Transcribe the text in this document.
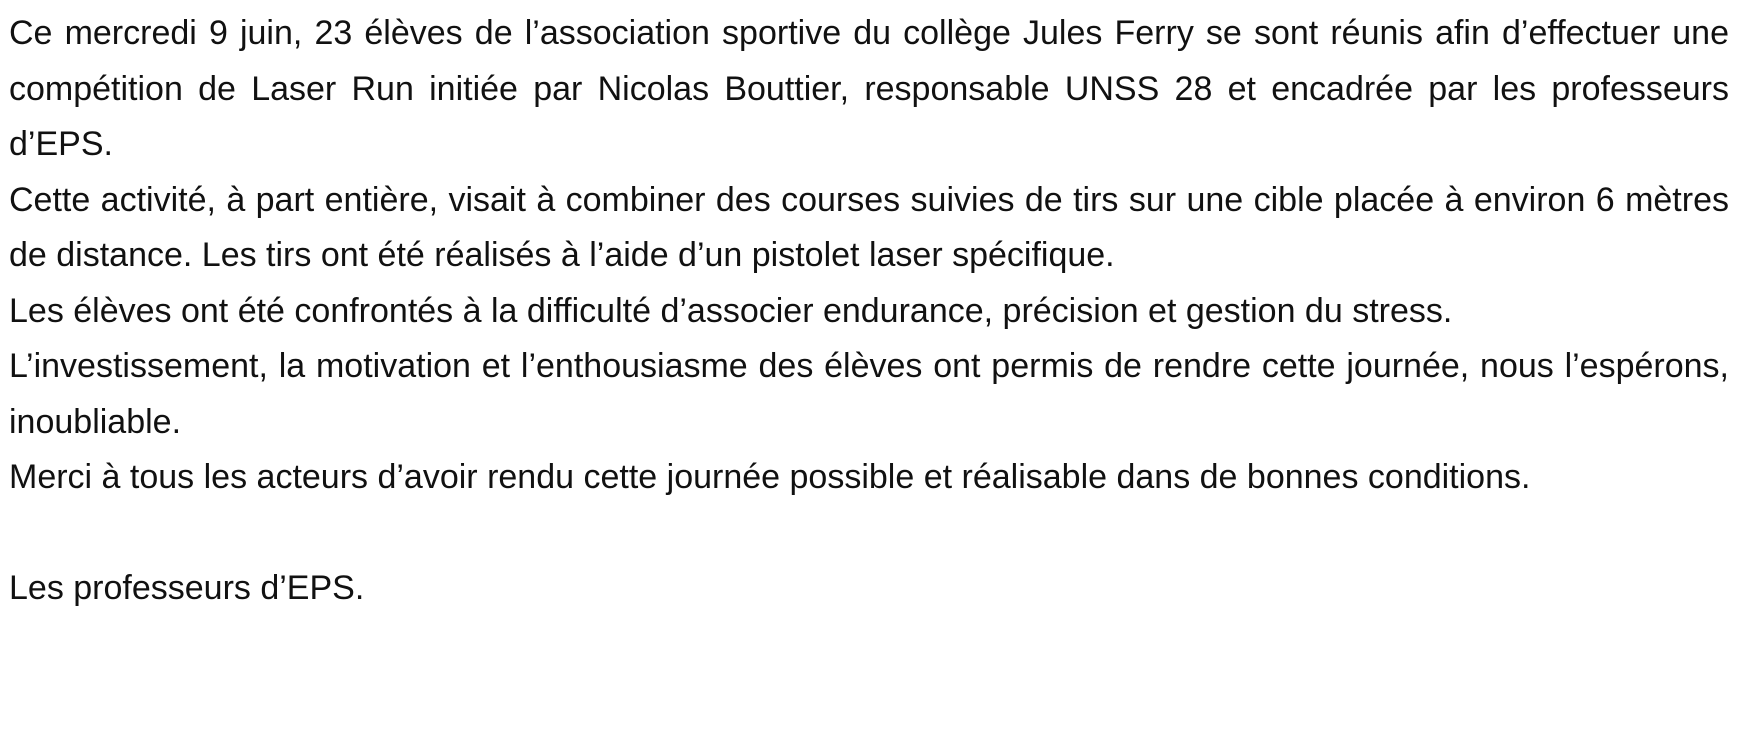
Ce mercredi 9 juin, 23 élèves de l’association sportive du collège Jules Ferry se sont réunis afin d’effectuer une compétition de Laser Run initiée par Nicolas Bouttier, responsable UNSS 28 et encadrée par les professeurs d’EPS.

Cette activité, à part entière, visait à combiner des courses suivies de tirs sur une cible placée à environ 6 mètres de distance. Les tirs ont été réalisés à l’aide d’un pistolet laser spécifique.

Les élèves ont été confrontés à la difficulté d’associer endurance, précision et gestion du stress.

L’investissement, la motivation et l’enthousiasme des élèves ont permis de rendre cette journée, nous l’espérons, inoubliable.

Merci à tous les acteurs d’avoir rendu cette journée possible et réalisable dans de bonnes conditions.

Les professeurs d’EPS.
